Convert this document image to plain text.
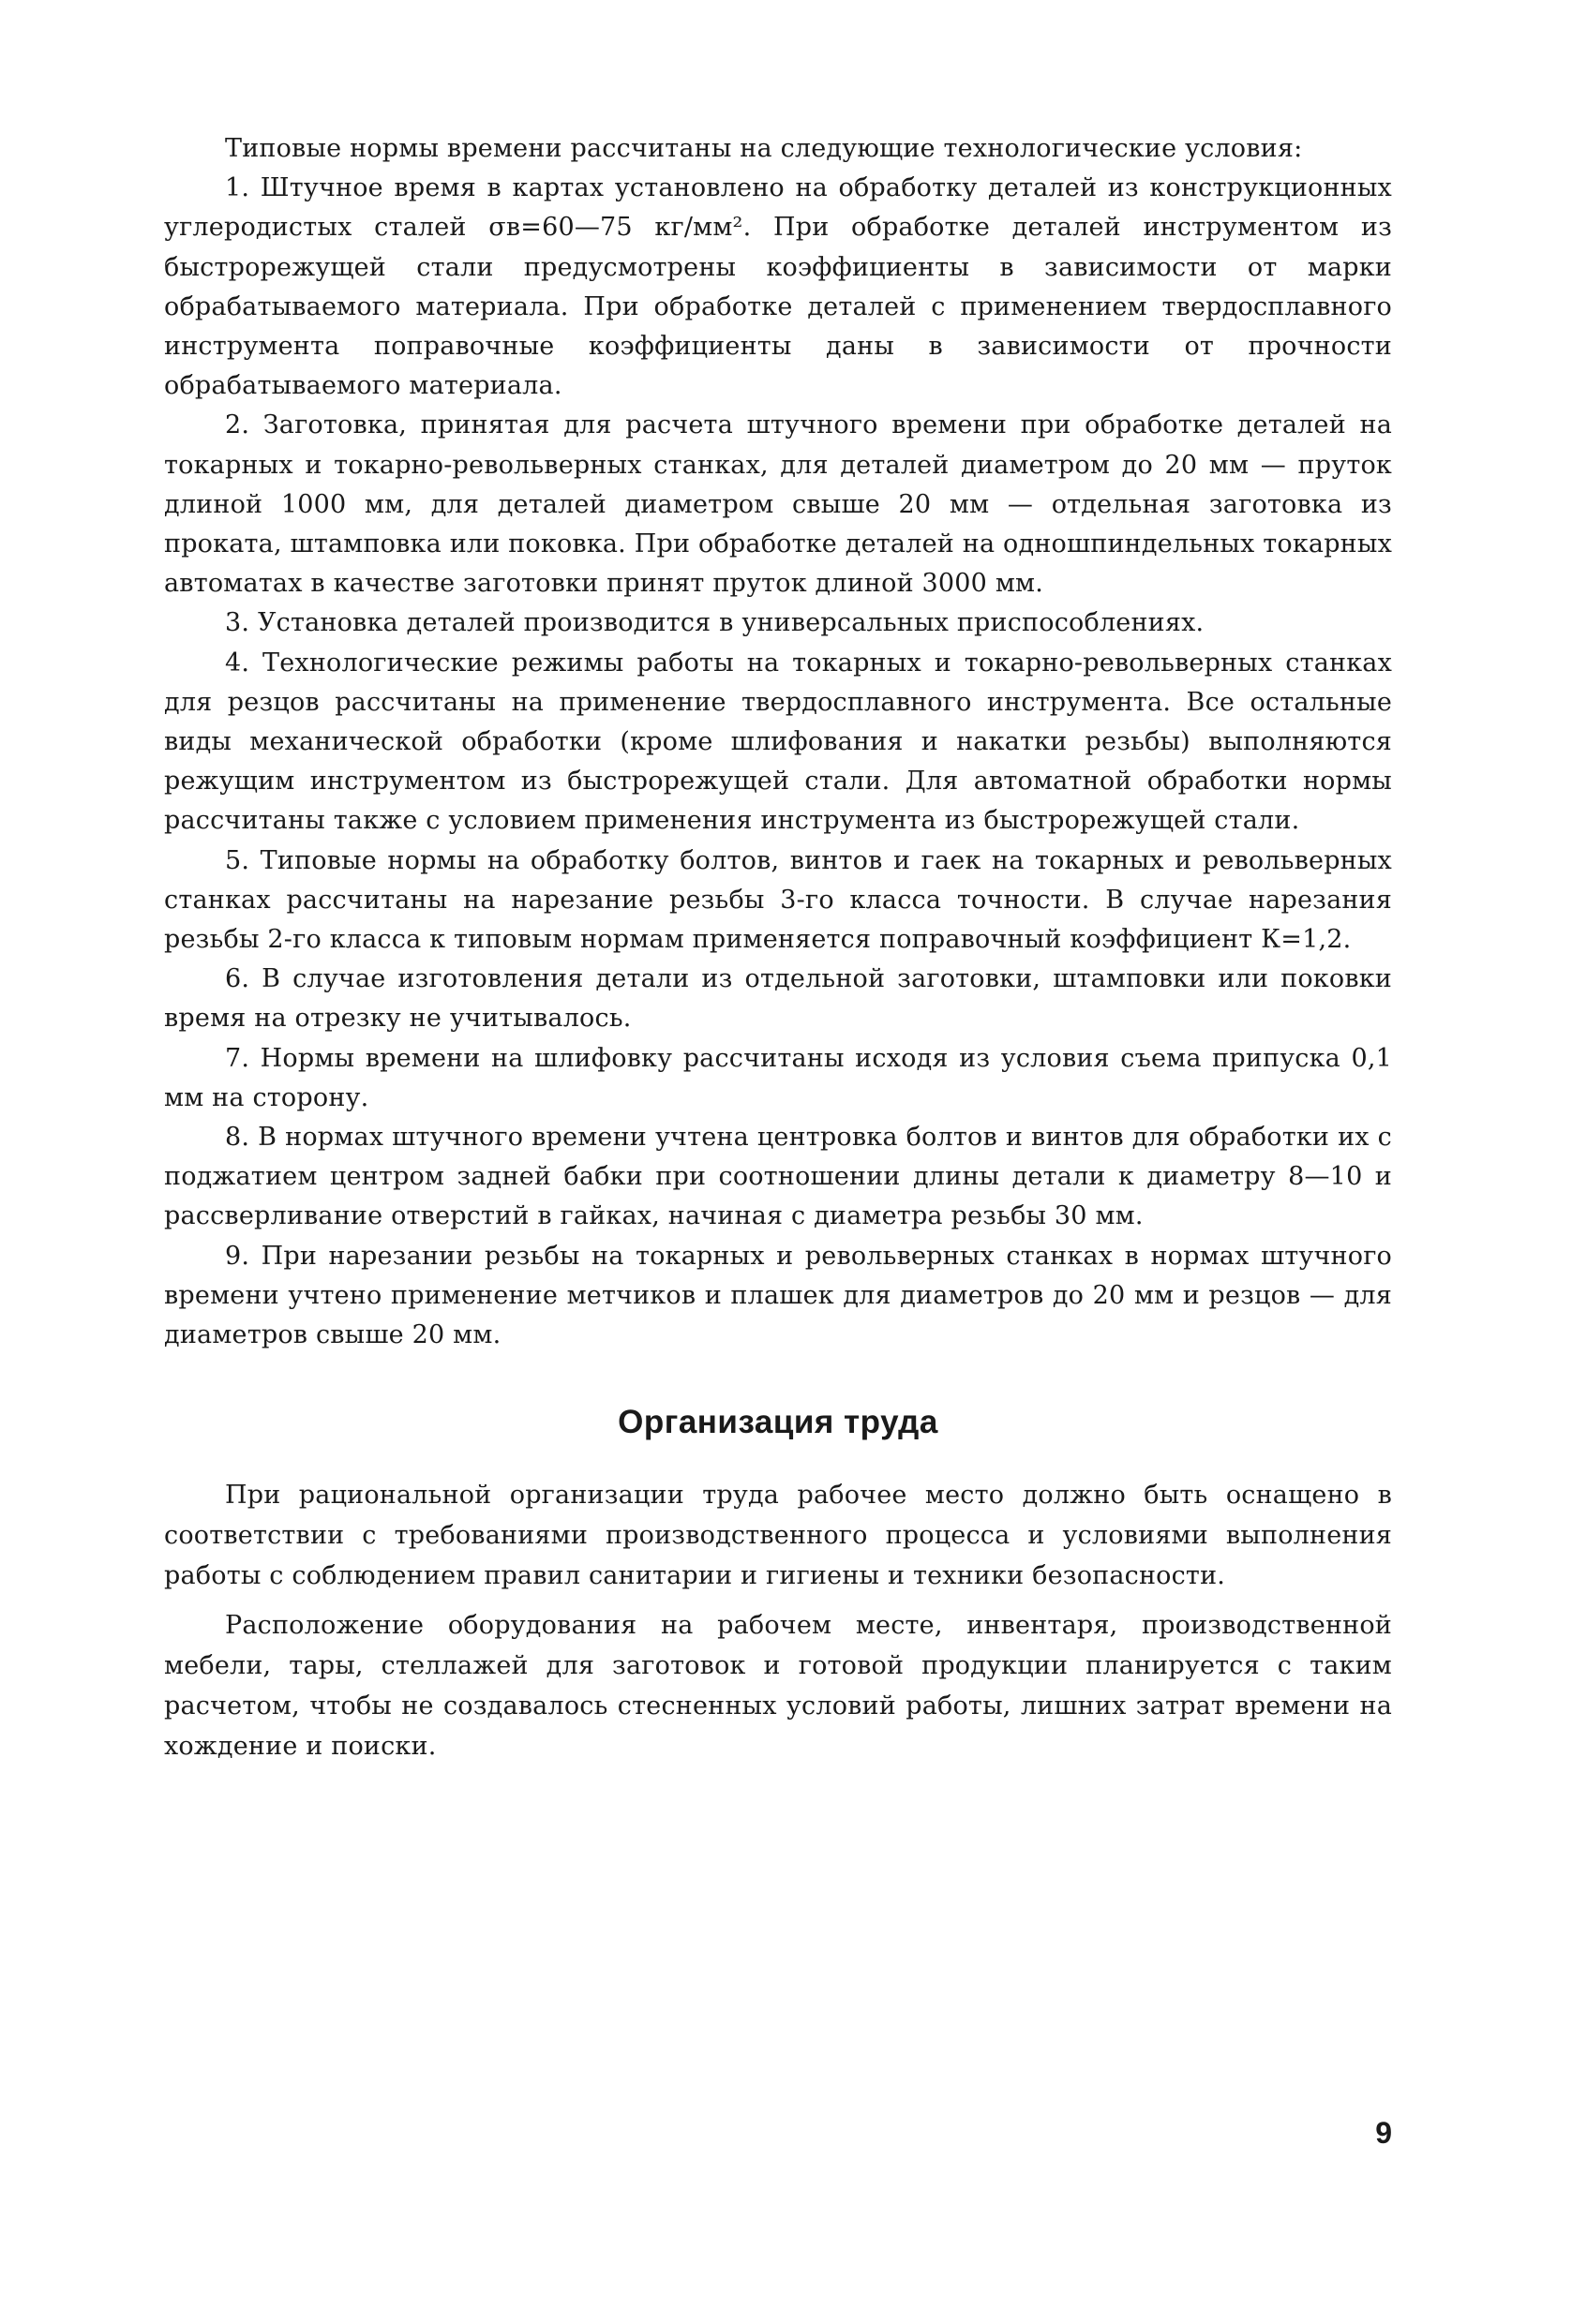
Типовые нормы времени рассчитаны на следующие технологические условия:

1. Штучное время в картах установлено на обработку деталей из конструкционных углеродистых сталей σв=60—75 кг/мм². При обработке деталей инструментом из быстрорежущей стали предусмотрены коэффициенты в зависимости от марки обрабатываемого материала. При обработке деталей с применением твердосплавного инструмента поправочные коэффициенты даны в зависимости от прочности обрабатываемого материала.

2. Заготовка, принятая для расчета штучного времени при обработке деталей на токарных и токарно-револьверных станках, для деталей диаметром до 20 мм — пруток длиной 1000 мм, для деталей диаметром свыше 20 мм — отдельная заготовка из проката, штамповка или поковка. При обработке деталей на одношпиндельных токарных автоматах в качестве заготовки принят пруток длиной 3000 мм.

3. Установка деталей производится в универсальных приспособлениях.

4. Технологические режимы работы на токарных и токарно-револьверных станках для резцов рассчитаны на применение твердосплавного инструмента. Все остальные виды механической обработки (кроме шлифования и накатки резьбы) выполняются режущим инструментом из быстрорежущей стали. Для автоматной обработки нормы рассчитаны также с условием применения инструмента из быстрорежущей стали.

5. Типовые нормы на обработку болтов, винтов и гаек на токарных и револьверных станках рассчитаны на нарезание резьбы 3-го класса точности. В случае нарезания резьбы 2-го класса к типовым нормам применяется поправочный коэффициент К=1,2.

6. В случае изготовления детали из отдельной заготовки, штамповки или поковки время на отрезку не учитывалось.

7. Нормы времени на шлифовку рассчитаны исходя из условия съема припуска 0,1 мм на сторону.

8. В нормах штучного времени учтена центровка болтов и винтов для обработки их с поджатием центром задней бабки при соотношении длины детали к диаметру 8—10 и рассверливание отверстий в гайках, начиная с диаметра резьбы 30 мм.

9. При нарезании резьбы на токарных и револьверных станках в нормах штучного времени учтено применение метчиков и плашек для диаметров до 20 мм и резцов — для диаметров свыше 20 мм.

Организация труда

При рациональной организации труда рабочее место должно быть оснащено в соответствии с требованиями производственного процесса и условиями выполнения работы с соблюдением правил санитарии и гигиены и техники безопасности.

Расположение оборудования на рабочем месте, инвентаря, производственной мебели, тары, стеллажей для заготовок и готовой продукции планируется с таким расчетом, чтобы не создавалось стесненных условий работы, лишних затрат времени на хождение и поиски.

9
